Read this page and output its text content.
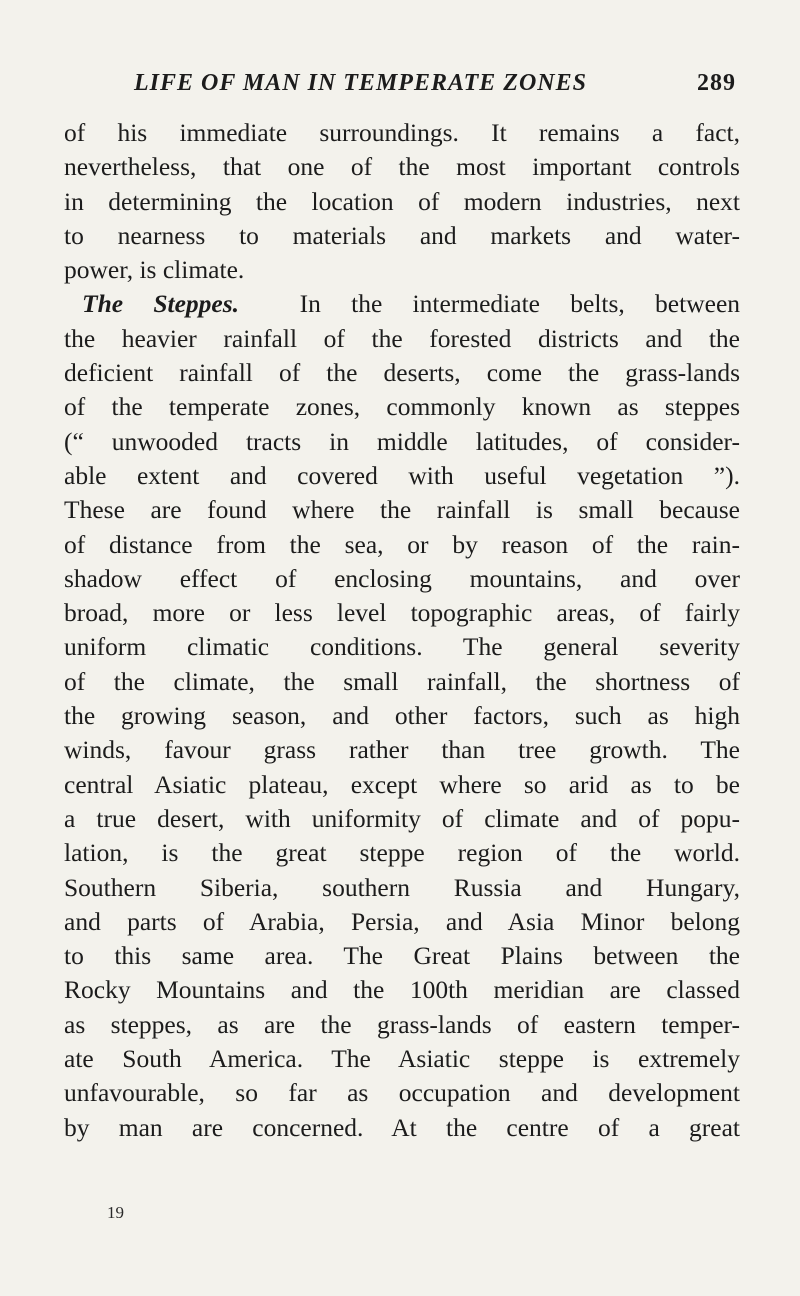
LIFE OF MAN IN TEMPERATE ZONES	289
of his immediate surroundings. It remains a fact,
nevertheless, that one of the most important controls
in determining the location of modern industries, next
to nearness to materials and markets and water-
power, is climate.
The Steppes. In the intermediate belts, between
the heavier rainfall of the forested districts and the
deficient rainfall of the deserts, come the grass-lands
of the temperate zones, commonly known as steppes
(“ unwooded tracts in middle latitudes, of consider-
able extent and covered with useful vegetation ”).
These are found where the rainfall is small because
of distance from the sea, or by reason of the rain-
shadow effect of enclosing mountains, and over
broad, more or less level topographic areas, of fairly
uniform climatic conditions. The general severity
of the climate, the small rainfall, the shortness of
the growing season, and other factors, such as high
winds, favour grass rather than tree growth. The
central Asiatic plateau, except where so arid as to be
a true desert, with uniformity of climate and of popu-
lation, is the great steppe region of the world.
Southern Siberia, southern Russia and Hungary,
and parts of Arabia, Persia, and Asia Minor belong
to this same area. The Great Plains between the
Rocky Mountains and the 100th meridian are classed
as steppes, as are the grass-lands of eastern temper-
ate South America. The Asiatic steppe is extremely
unfavourable, so far as occupation and development
by man are concerned. At the centre of a great
19
